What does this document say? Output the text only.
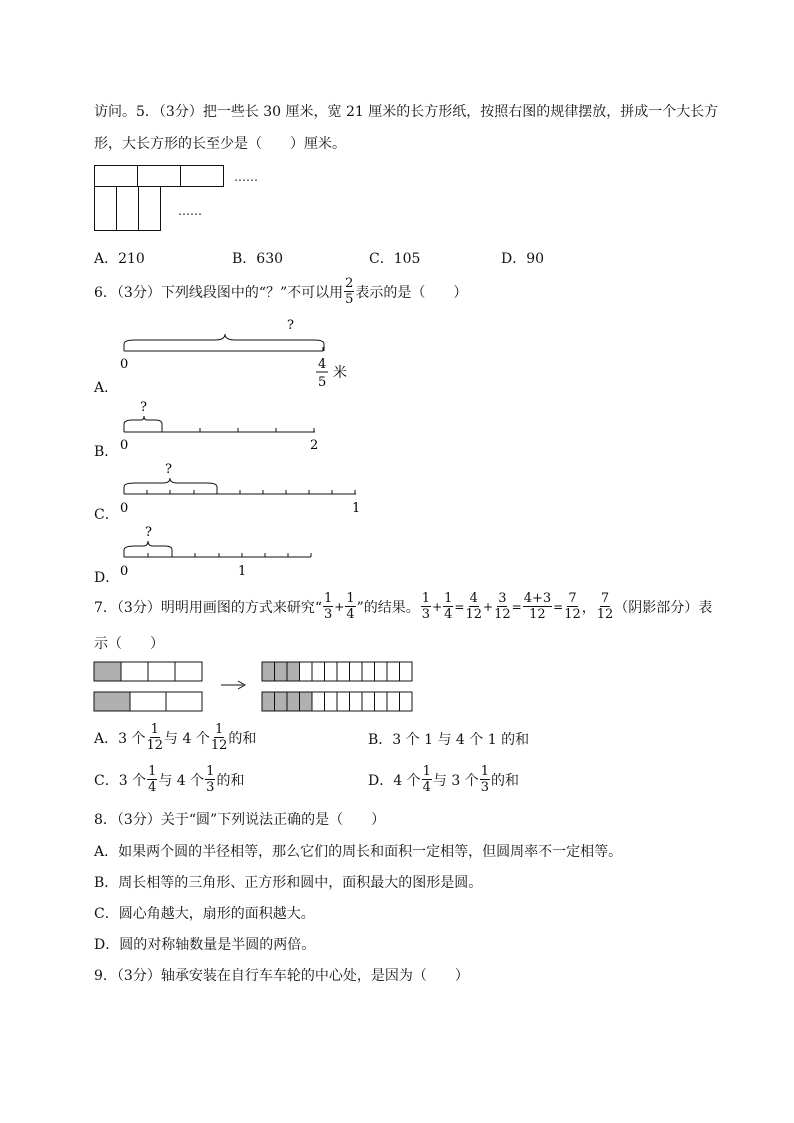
访问。5．（3分）把一些长 30 厘米，宽 21 厘米的长方形纸，按照右图的规律摆放，拼成一个大长方
形，大长方形的长至少是（　　）厘米。
……
……
A．210	B．630	C．105	D．90
6．（3分）下列线段图中的“？”不可以用 $\frac{2}{5}$ 表示的是（　　）
A．
?
0	4
5
米
B．
?
0	2
C．
?
0	1
D．
?
0	1
7．（3分）明明用画图的方式来研究“ $\frac{1}{3} + \frac{1}{4}$ ”的结果。 $\frac{1}{3} + \frac{1}{4} = \frac{4}{12} + \frac{3}{12} = \frac{4+3}{12} = \frac{7}{12}$ ， $\frac{7}{12}$ （阴影部分）表
示（　　）
A．3 个 $\frac{1}{12}$ 与 4 个 $\frac{1}{12}$ 的和	B．3 个 1 与 4 个 1 的和
C．3 个 $\frac{1}{4}$ 与 4 个 $\frac{1}{3}$ 的和	D．4 个 $\frac{1}{4}$ 与 3 个 $\frac{1}{3}$ 的和
8．（3分）关于“圆”下列说法正确的是（　　）
A．如果两个圆的半径相等，那么它们的周长和面积一定相等，但圆周率不一定相等。
B．周长相等的三角形、正方形和圆中，面积最大的图形是圆。
C．圆心角越大，扇形的面积越大。
D．圆的对称轴数量是半圆的两倍。
9．（3分）轴承安装在自行车车轮的中心处，是因为（　　）
